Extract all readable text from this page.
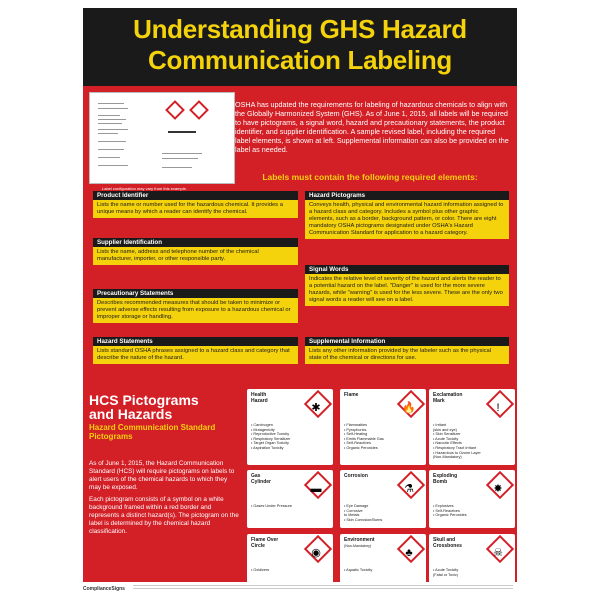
Understanding GHS Hazard
Communication Labeling
Label configuration may vary from this example.
OSHA has updated the requirements for labeling of hazardous chemicals to align with the Globally Harmonized System (GHS). As of June 1, 2015, all labels will be required to have pictograms, a signal word, hazard and precautionary statements, the product identifier, and supplier identification. A sample revised label, including the required label elements, is shown at left. Supplemental information can also be provided on the label as needed.
Labels must contain the following required elements:
Product Identifier
Lists the name or number used for the hazardous chemical. It provides a unique means by which a reader can identify the chemical.
Supplier Identification
Lists the name, address and telephone number of the chemical manufacturer, importer, or other responsible party.
Precautionary Statements
Describes recommended measures that should be taken to minimize or prevent adverse effects resulting from exposure to a hazardous chemical or improper storage or handling.
Hazard Statements
Lists standard OSHA phrases assigned to a hazard class and category that describe the nature of the hazard.
Hazard Pictograms
Conveys health, physical and environmental hazard information assigned to a hazard class and category. Includes a symbol plus other graphic elements, such as a border, background pattern, or color. There are eight mandatory OSHA pictograms designated under OSHA's Hazard Communication Standard for application to a hazard category.
Signal Words
Indicates the relative level of severity of the hazard and alerts the reader to a potential hazard on the label. "Danger" is used for the more severe hazards, while "warning" is used for the less severe. These are the only two signal words a reader will see on a label.
Supplemental Information
Lists any other information provided by the labeler such as the physical state of the chemical or directions for use.
HCS Pictograms
and Hazards
Hazard Communication Standard Pictograms

As of June 1, 2015, the Hazard Communication Standard (HCS) will require pictograms on labels to alert users of the chemical hazards to which they may be exposed.

Each pictogram consists of a symbol on a white background framed within a red border and represents a distinct hazard(s). The pictogram on the label is determined by the chemical hazard classification.

Health Hazard
✱
• Carcinogen
• Mutagenicity
• Reproductive Toxicity
• Respiratory Sensitizer
• Target Organ Toxicity
• Aspiration Toxicity
Flame
🔥
• Flammables
• Pyrophorics
• Self-Heating
• Emits Flammable Gas
• Self-Reactives
• Organic Peroxides
Exclamation Mark
!
• Irritant
(skin and eye)
• Skin Sensitizer
• Acute Toxicity
• Narcotic Effects
• Respiratory Tract Irritant
• Hazardous to Ozone Layer
(Non-Mandatory)
Gas Cylinder
▬
• Gases Under Pressure
Corrosion
⚗
• Eye Damage
• Corrosive
to Metals
• Skin Corrosion/Burns
Exploding Bomb
✸
• Explosives
• Self-Reactives
• Organic Peroxides
Flame Over Circle
◉
• Oxidizers
Environment
(Non-Mandatory)
♣
• Aquatic Toxicity
Skull and Crossbones
☠
• Acute Toxicity
(Fatal or Toxic)
ComplianceSigns
